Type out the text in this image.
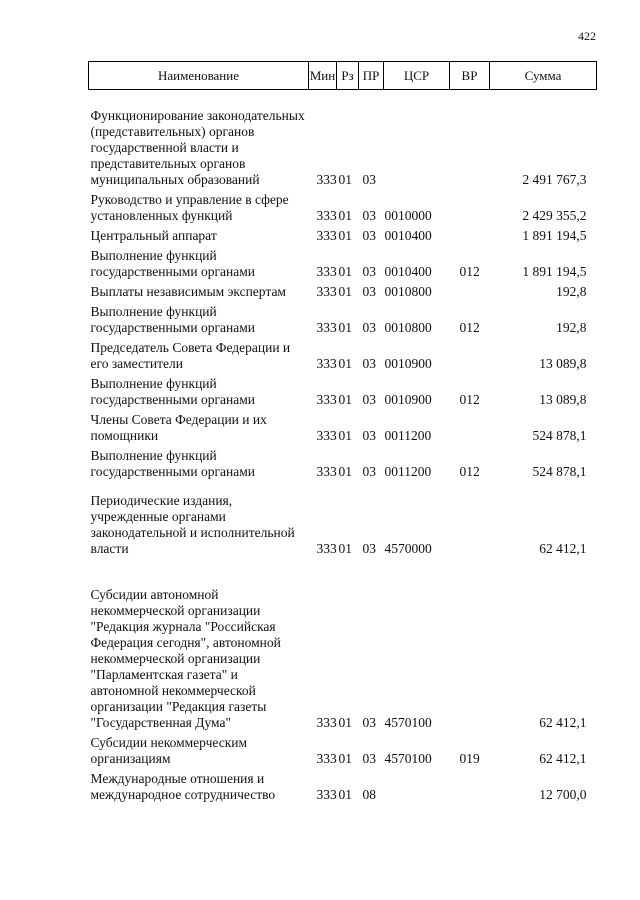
422
Наименование	Мин	Рз	ПР	ЦСР	ВР	Сумма
Функционирование законодательных (представительных) органов государственной власти и представительных органов муниципальных образований	333	01	03			2 491 767,3
Руководство и управление в сфере установленных функций	333	01	03	0010000		2 429 355,2
Центральный аппарат	333	01	03	0010400		1 891 194,5
Выполнение функций государственными органами	333	01	03	0010400	012	1 891 194,5
Выплаты независимым экспертам	333	01	03	0010800		192,8
Выполнение функций государственными органами	333	01	03	0010800	012	192,8
Председатель Совета Федерации и его заместители	333	01	03	0010900		13 089,8
Выполнение функций государственными органами	333	01	03	0010900	012	13 089,8
Члены Совета Федерации и их помощники	333	01	03	0011200		524 878,1
Выполнение функций государственными органами	333	01	03	0011200	012	524 878,1
Периодические издания, учрежденные органами законодательной и исполнительной власти	333	01	03	4570000		62 412,1
Субсидии автономной некоммерческой организации "Редакция журнала "Российская Федерация сегодня", автономной некоммерческой организации "Парламентская газета" и автономной некоммерческой организации "Редакция газеты "Государственная Дума"	333	01	03	4570100		62 412,1
Субсидии некоммерческим организациям	333	01	03	4570100	019	62 412,1
Международные отношения и международное сотрудничество	333	01	08			12 700,0
